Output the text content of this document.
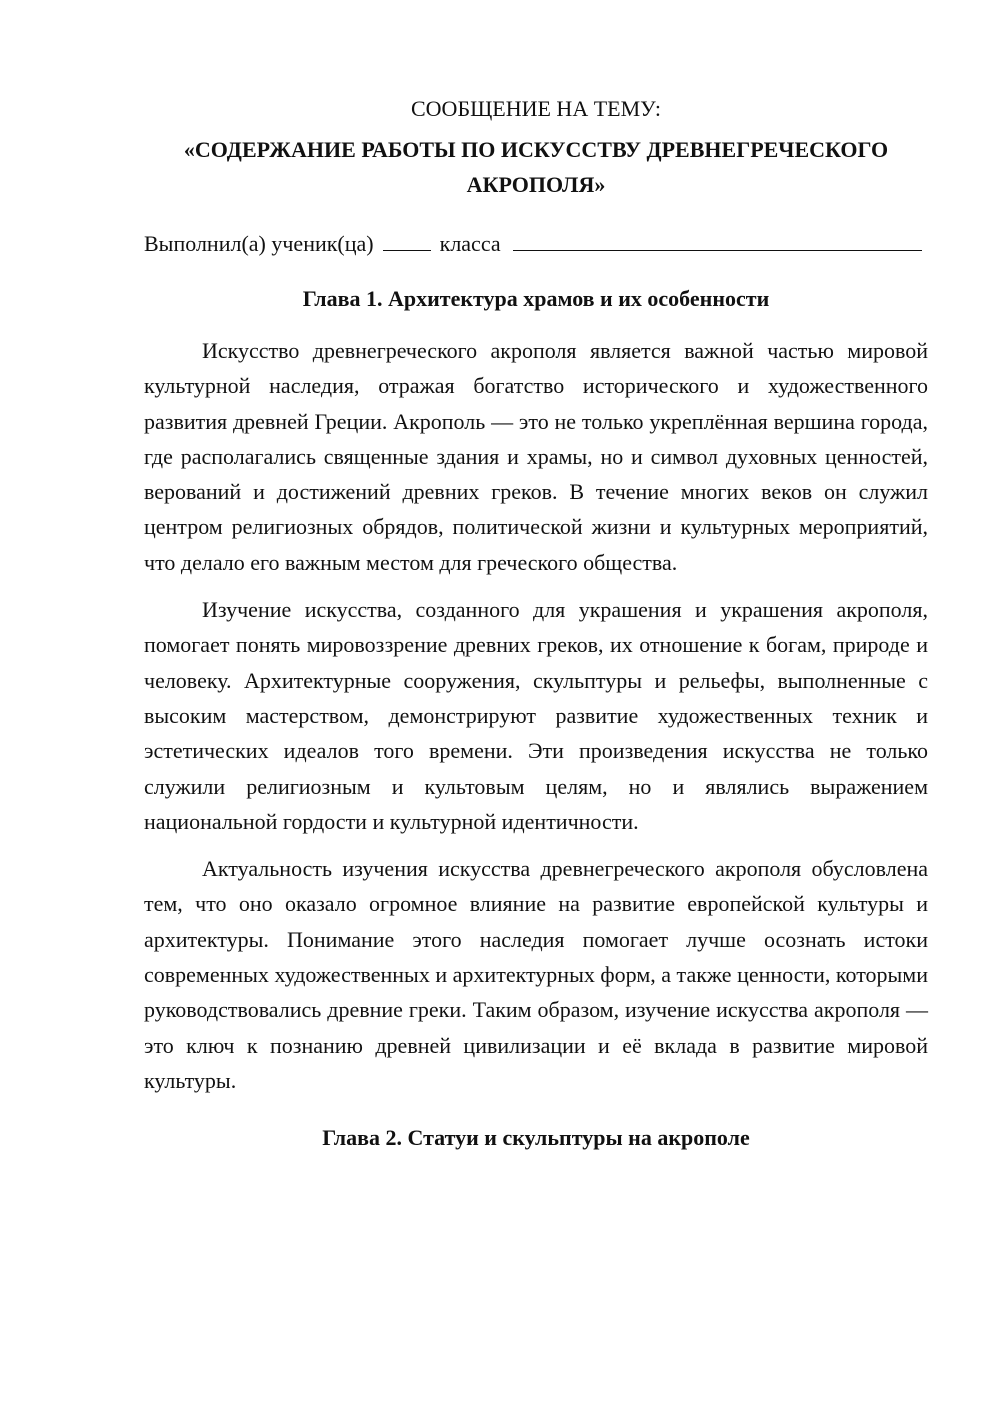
СООБЩЕНИЕ НА ТЕМУ:
«СОДЕРЖАНИЕ РАБОТЫ ПО ИСКУССТВУ ДРЕВНЕГРЕЧЕСКОГО
АКРОПОЛЯ»
Выполнил(а) ученик(ца)	класса
Глава 1. Архитектура храмов и их особенности

Искусство древнегреческого акрополя является важной частью мировой культурной наследия, отражая богатство исторического и художественного развития древней Греции. Акрополь — это не только укреплённая вершина города, где располагались священные здания и храмы, но и символ духовных ценностей, верований и достижений древних греков. В течение многих веков он служил центром религиозных обрядов, политической жизни и культурных мероприятий, что делало его важным местом для греческого общества.

Изучение искусства, созданного для украшения и украшения акрополя, помогает понять мировоззрение древних греков, их отношение к богам, природе и человеку. Архитектурные сооружения, скульптуры и рельефы, выполненные с высоким мастерством, демонстрируют развитие художественных техник и эстетических идеалов того времени. Эти произведения искусства не только служили религиозным и культовым целям, но и являлись выражением национальной гордости и культурной идентичности.

Актуальность изучения искусства древнегреческого акрополя обусловлена тем, что оно оказало огромное влияние на развитие европейской культуры и архитектуры. Понимание этого наследия помогает лучше осознать истоки современных художественных и архитектурных форм, а также ценности, которыми руководствовались древние греки. Таким образом, изучение искусства акрополя — это ключ к познанию древней цивилизации и её вклада в развитие мировой культуры.

Глава 2. Статуи и скульптуры на акрополе
